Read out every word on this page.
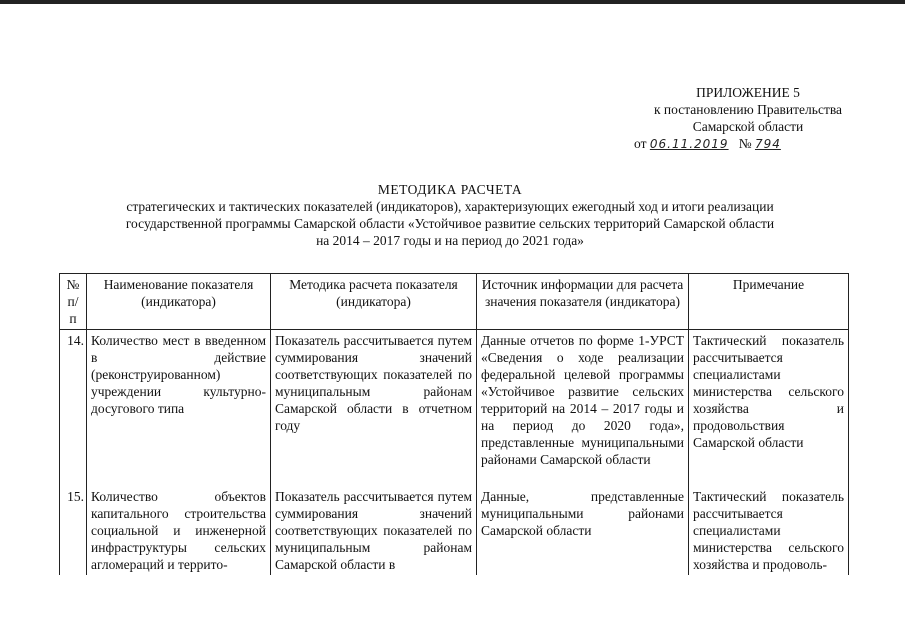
ПРИЛОЖЕНИЕ 5
к постановлению Правительства
Самарской области
от 06.11.2019 № 794
МЕТОДИКА РАСЧЕТА
стратегических и тактических показателей (индикаторов), характеризующих ежегодный ход и итоги реализации
государственной программы Самарской области «Устойчивое развитие сельских территорий Самарской области
на 2014 – 2017 годы и на период до 2021 года»
№ п/п	Наименование показателя (индикатора)	Методика расчета показателя (индикатора)	Источник информации для расчета значения показателя (индикатора)	Примечание
14.	Количество мест в введенном в действие (реконструированном) учреждении культурно-досугового типа	Показатель рассчитывается путем суммирования значений соответствующих показателей по муниципальным районам Самарской области в отчетном году	Данные отчетов по форме 1-УРСТ «Сведения о ходе реализации федеральной целевой программы «Устойчивое развитие сельских территорий на 2014 – 2017 годы и на период до 2020 года», представленные муниципальными районами Самарской области	Тактический показатель рассчитывается специалистами министерства сельского хозяйства и продовольствия Самарской области
15.	Количество объектов капитального строительства социальной и инженерной инфраструктуры сельских агломераций и террито-	Показатель рассчитывается путем суммирования значений соответствующих показателей по муниципальным районам Самарской области в	Данные, представленные муниципальными районами Самарской области	Тактический показатель рассчитывается специалистами министерства сельского хозяйства и продоволь-
